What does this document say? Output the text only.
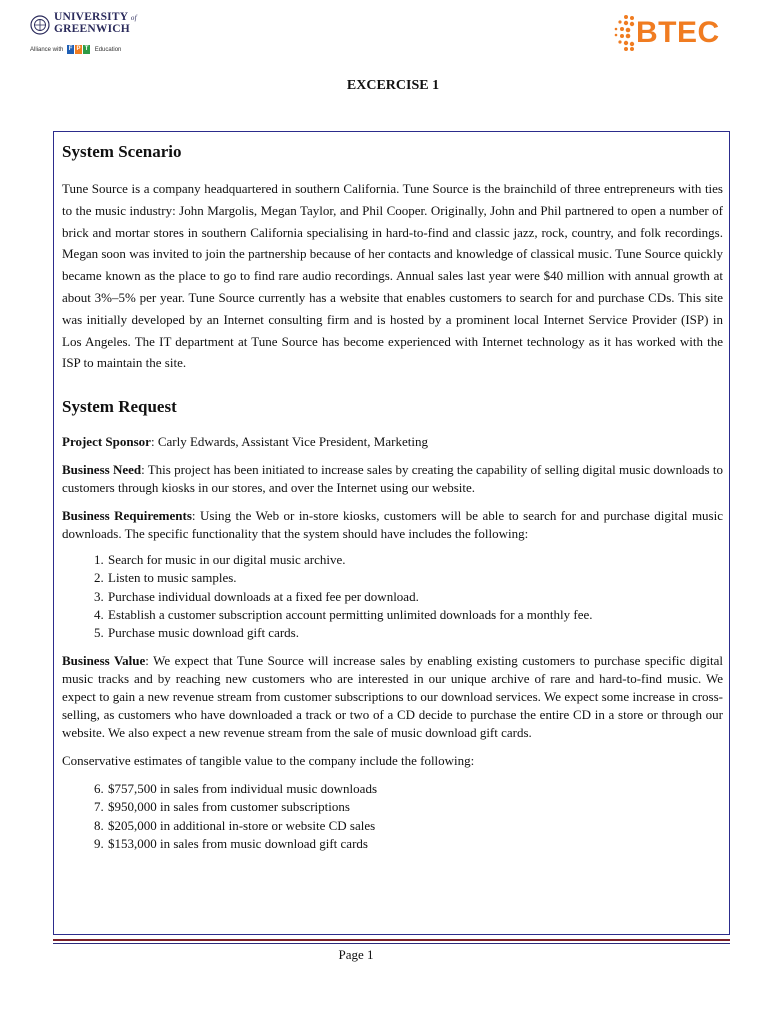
UNIVERSITY of
GREENWICH
Alliance with F P T Education
BTEC
EXCERCISE 1
System Scenario

Tune Source is a company headquartered in southern California. Tune Source is the brainchild of three entrepreneurs with ties to the music industry: John Margolis, Megan Taylor, and Phil Cooper. Originally, John and Phil partnered to open a number of brick and mortar stores in southern California specialising in hard-to-find and classic jazz, rock, country, and folk recordings. Megan soon was invited to join the partnership because of her contacts and knowledge of classical music. Tune Source quickly became known as the place to go to find rare audio recordings. Annual sales last year were $40 million with annual growth at about 3%–5% per year. Tune Source currently has a website that enables customers to search for and purchase CDs. This site was initially developed by an Internet consulting firm and is hosted by a prominent local Internet Service Provider (ISP) in Los Angeles. The IT department at Tune Source has become experienced with Internet technology as it has worked with the ISP to maintain the site.

System Request

Project Sponsor: Carly Edwards, Assistant Vice President, Marketing

Business Need: This project has been initiated to increase sales by creating the capability of selling digital music downloads to customers through kiosks in our stores, and over the Internet using our website.

Business Requirements: Using the Web or in-store kiosks, customers will be able to search for and purchase digital music downloads. The specific functionality that the system should have includes the following:

1. Search for music in our digital music archive.
2. Listen to music samples.
3. Purchase individual downloads at a fixed fee per download.
4. Establish a customer subscription account permitting unlimited downloads for a monthly fee.
5. Purchase music download gift cards.

Business Value: We expect that Tune Source will increase sales by enabling existing customers to purchase specific digital music tracks and by reaching new customers who are interested in our unique archive of rare and hard-to-find music. We expect to gain a new revenue stream from customer subscriptions to our download services. We expect some increase in cross-selling, as customers who have downloaded a track or two of a CD decide to purchase the entire CD in a store or through our website. We also expect a new revenue stream from the sale of music download gift cards.

Conservative estimates of tangible value to the company include the following:

6. $757,500 in sales from individual music downloads
7. $950,000 in sales from customer subscriptions
8. $205,000 in additional in-store or website CD sales
9. $153,000 in sales from music download gift cards
Page 1
